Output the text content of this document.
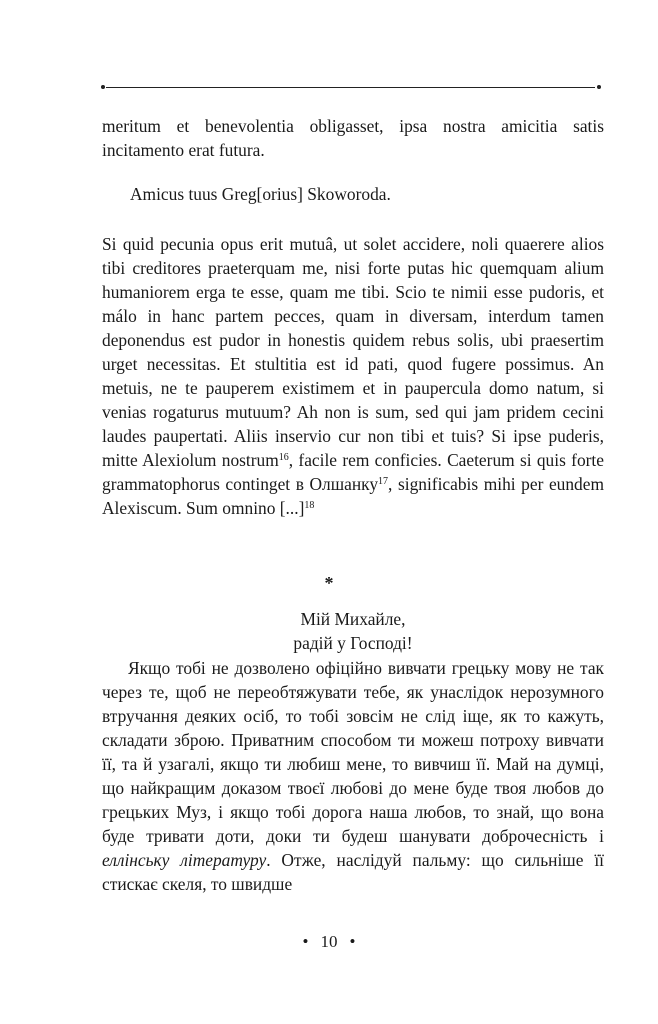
meritum et benevolentia obligasset, ipsa nostra amicitia satis incitamento erat futura.

Amicus tuus Greg[orius] Skoworoda.

Si quid pecunia opus erit mutuâ, ut solet accidere, noli quaerere alios tibi creditores praeterquam me, nisi forte putas hic quemquam alium humaniorem erga te esse, quam me tibi. Scio te nimii esse pudoris, et málo in hanc partem pecces, quam in diversam, interdum tamen deponendus est pudor in honestis quidem rebus solis, ubi praesertim urget necessitas. Et stultitia est id pati, quod fugere possimus. An metuis, ne te pauperem existimem et in paupercula domo natum, si venias rogaturus mutuum? Ah non is sum, sed qui jam pridem cecini laudes paupertati. Aliis inservio cur non tibi et tuis? Si ipse puderis, mitte Alexiolum nostrum$^{16}$, facile rem conficies. Caeterum si quis forte grammatophorus continget в Олшанку$^{17}$, significabis mihi per eundem Alexiscum. Sum omnino [...]$^{18}$

*

Мій Михайле,

радій у Господі!

Якщо тобі не дозволено офіційно вивчати грецьку мову не так через те, щоб не переобтяжувати тебе, як унаслідок нерозумного втручання деяких осіб, то тобі зовсім не слід іще, як то кажуть, складати зброю. Приватним способом ти можеш потроху вивчати її, та й узагалі, якщо ти любиш мене, то вивчиш її. Май на думці, що найкращим доказом твоєї любові до мене буде твоя любов до грецьких Муз, і якщо тобі дорога наша любов, то знай, що вона буде тривати доти, доки ти будеш шанувати доброчесність і еллінську літературу. Отже, наслідуй пальму: що сильніше її стискає скеля, то швидше

• 10 •
